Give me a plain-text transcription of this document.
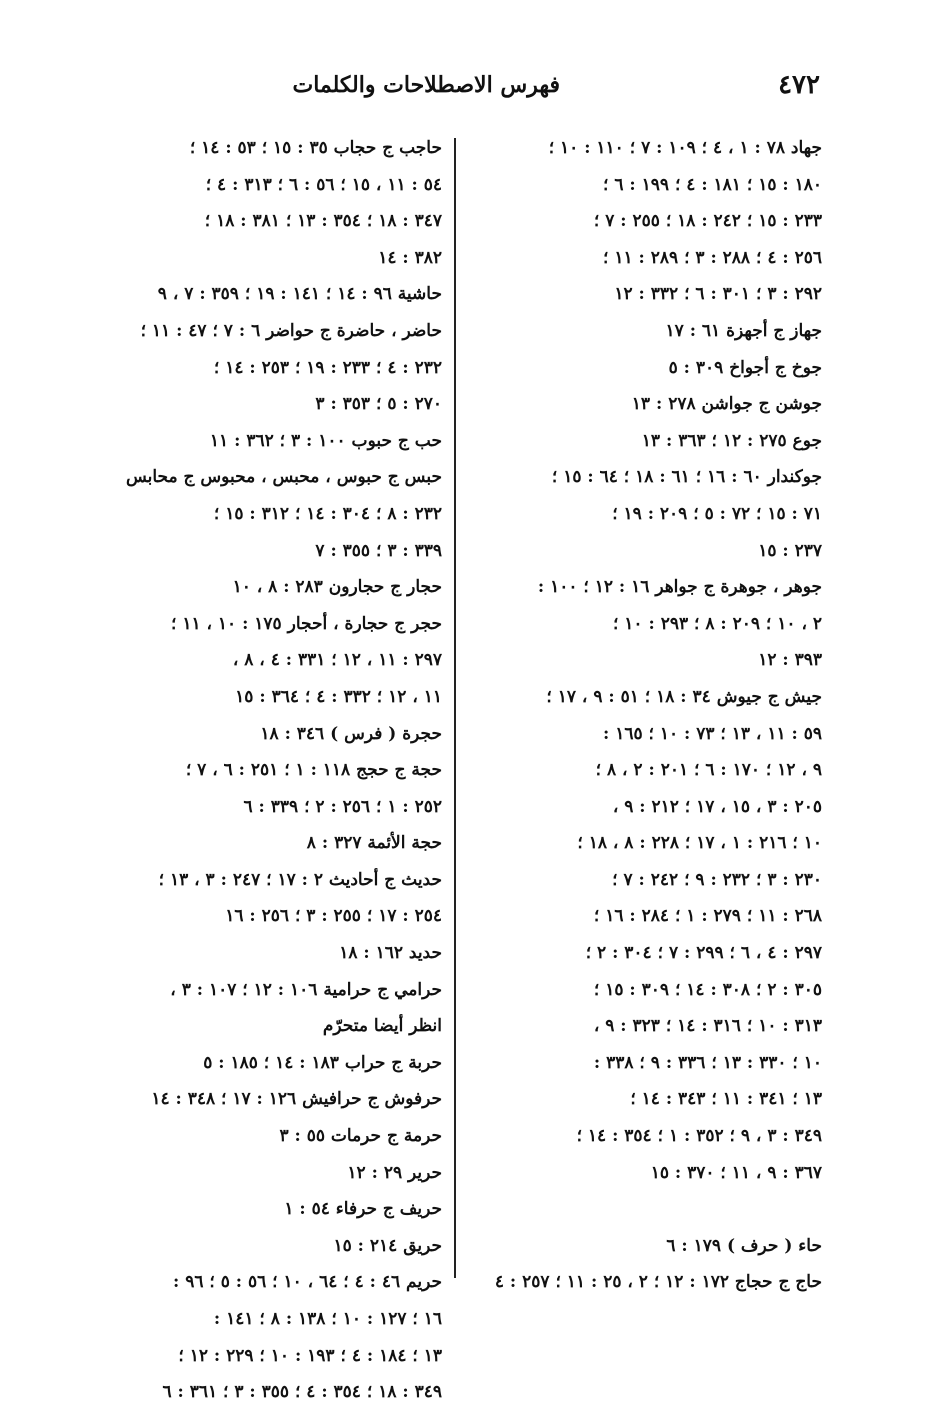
٤٧٢
فهرس الاصطلاحات والكلمات
جهاد ٧٨ : ١ ، ٤ ؛ ١٠٩ : ٧ ؛ ١١٠ : ١٠ ؛
١٨٠ : ١٥ ؛ ١٨١ : ٤ ؛ ١٩٩ : ٦ ؛
٢٣٣ : ١٥ ؛ ٢٤٢ : ١٨ ؛ ٢٥٥ : ٧ ؛
٢٥٦ : ٤ ؛ ٢٨٨ : ٣ ؛ ٢٨٩ : ١١ ؛
٢٩٢ : ٣ ؛ ٣٠١ : ٦ ؛ ٣٣٢ : ١٢
جهاز ج أجهزة ٦١ : ١٧
جوخ ج أجواخ ٣٠٩ : ٥
جوشن ج جواشن ٢٧٨ : ١٣
جوع ٢٧٥ : ١٢ ؛ ٣٦٣ : ١٣
جوكندار ٦٠ : ١٦ ؛ ٦١ : ١٨ ؛ ٦٤ : ١٥ ؛
٧١ : ١٥ ؛ ٧٢ : ٥ ؛ ٢٠٩ : ١٩ ؛
٢٣٧ : ١٥
جوهر ، جوهرة ج جواهر ١٦ : ١٢ ؛ ١٠٠ :
٢ ، ١٠ ؛ ٢٠٩ : ٨ ؛ ٢٩٣ : ١٠ ؛
٣٩٣ : ١٢
جيش ج جيوش ٣٤ : ١٨ ؛ ٥١ : ٩ ، ١٧ ؛
٥٩ : ١١ ، ١٣ ؛ ٧٣ : ١٠ ؛ ١٦٥ :
٩ ، ١٢ ؛ ١٧٠ : ٦ ؛ ٢٠١ : ٢ ، ٨ ؛
٢٠٥ : ٣ ، ١٥ ، ١٧ ؛ ٢١٢ : ٩ ،
١٠ ؛ ٢١٦ : ١ ، ١٧ ؛ ٢٢٨ : ٨ ، ١٨ ؛
٢٣٠ : ٣ ؛ ٢٣٢ : ٩ ؛ ٢٤٢ : ٧ ؛
٢٦٨ : ١١ ؛ ٢٧٩ : ١ ؛ ٢٨٤ : ١٦ ؛
٢٩٧ : ٤ ، ٦ ؛ ٢٩٩ : ٧ ؛ ٣٠٤ : ٢ ؛
٣٠٥ : ٢ ؛ ٣٠٨ : ١٤ ؛ ٣٠٩ : ١٥ ؛
٣١٣ : ١٠ ؛ ٣١٦ : ١٤ ؛ ٣٢٣ : ٩ ،
١٠ ؛ ٣٣٠ : ١٣ ؛ ٣٣٦ : ٩ ؛ ٣٣٨ :
١٣ ؛ ٣٤١ : ١١ ؛ ٣٤٣ : ١٤ ؛
٣٤٩ : ٣ ، ٩ ؛ ٣٥٢ : ١ ؛ ٣٥٤ : ١٤ ؛
٣٦٧ : ٩ ، ١١ ؛ ٣٧٠ : ١٥
حاء ( حرف ) ١٧٩ : ٦
حاج ج حجاج ١٧٢ : ١٢ ؛ ٢ ، ٢٥ : ١١ ؛ ٢٥٧ : ٤
حاجب ج حجاب ٣٥ : ١٥ ؛ ٥٣ : ١٤ ؛
٥٤ : ١١ ، ١٥ ؛ ٥٦ : ٦ ؛ ٣١٣ : ٤ ؛
٣٤٧ : ١٨ ؛ ٣٥٤ : ١٣ ؛ ٣٨١ : ١٨ ؛
٣٨٢ : ١٤
حاشية ٩٦ : ١٤ ؛ ١٤١ : ١٩ ؛ ٣٥٩ : ٧ ، ٩
حاضر ، حاضرة ج حواضر ٦ : ٧ ؛ ٤٧ : ١١ ؛
٢٣٢ : ٤ ؛ ٢٣٣ : ١٩ ؛ ٢٥٣ : ١٤ ؛
٢٧٠ : ٥ ؛ ٣٥٣ : ٣
حب ج حبوب ١٠٠ : ٣ ؛ ٣٦٢ : ١١
حبس ج حبوس ، محبس ، محبوس ج محابس
٢٣٢ : ٨ ؛ ٣٠٤ : ١٤ ؛ ٣١٢ : ١٥ ؛
٣٣٩ : ٣ ؛ ٣٥٥ : ٧
حجار ج حجارون ٢٨٣ : ٨ ، ١٠
حجر ج حجارة ، أحجار ١٧٥ : ١٠ ، ١١ ؛
٢٩٧ : ١١ ، ١٢ ؛ ٣٣١ : ٤ ، ٨ ،
١١ ، ١٢ ؛ ٣٣٢ : ٤ ؛ ٣٦٤ : ١٥
حجرة ( فرس ) ٣٤٦ : ١٨
حجة ج حجج ١١٨ : ١ ؛ ٢٥١ : ٦ ، ٧ ؛
٢٥٢ : ١ ؛ ٢٥٦ : ٢ ؛ ٣٣٩ : ٦
حجة الأئمة ٣٢٧ : ٨
حديث ج أحاديث ٢ : ١٧ ؛ ٢٤٧ : ٣ ، ١٣ ؛
٢٥٤ : ١٧ ؛ ٢٥٥ : ٣ ؛ ٢٥٦ : ١٦
حديد ١٦٢ : ١٨
حرامي ج حرامية ١٠٦ : ١٢ ؛ ١٠٧ : ٣ ،
انظر أيضا متحرّم
حربة ج حراب ١٨٣ : ١٤ ؛ ١٨٥ : ٥
حرفوش ج حرافيش ١٢٦ : ١٧ ؛ ٣٤٨ : ١٤
حرمة ج حرمات ٥٥ : ٣
حرير ٢٩ : ١٢
حريف ج حرفاء ٥٤ : ١
حريق ٢١٤ : ١٥
حريم ٤٦ : ٤ ؛ ٦٤ ، ١٠ ؛ ٥٦ : ٥ ؛ ٩٦ :
١٦ ؛ ١٢٧ : ١٠ ؛ ١٣٨ : ٨ ؛ ١٤١ :
١٣ ؛ ١٨٤ : ٤ ؛ ١٩٣ : ١٠ ؛ ٢٢٩ : ١٢ ؛
٣٤٩ : ١٨ ؛ ٣٥٤ : ٤ ؛ ٣٥٥ : ٣ ؛ ٣٦١ : ٦
